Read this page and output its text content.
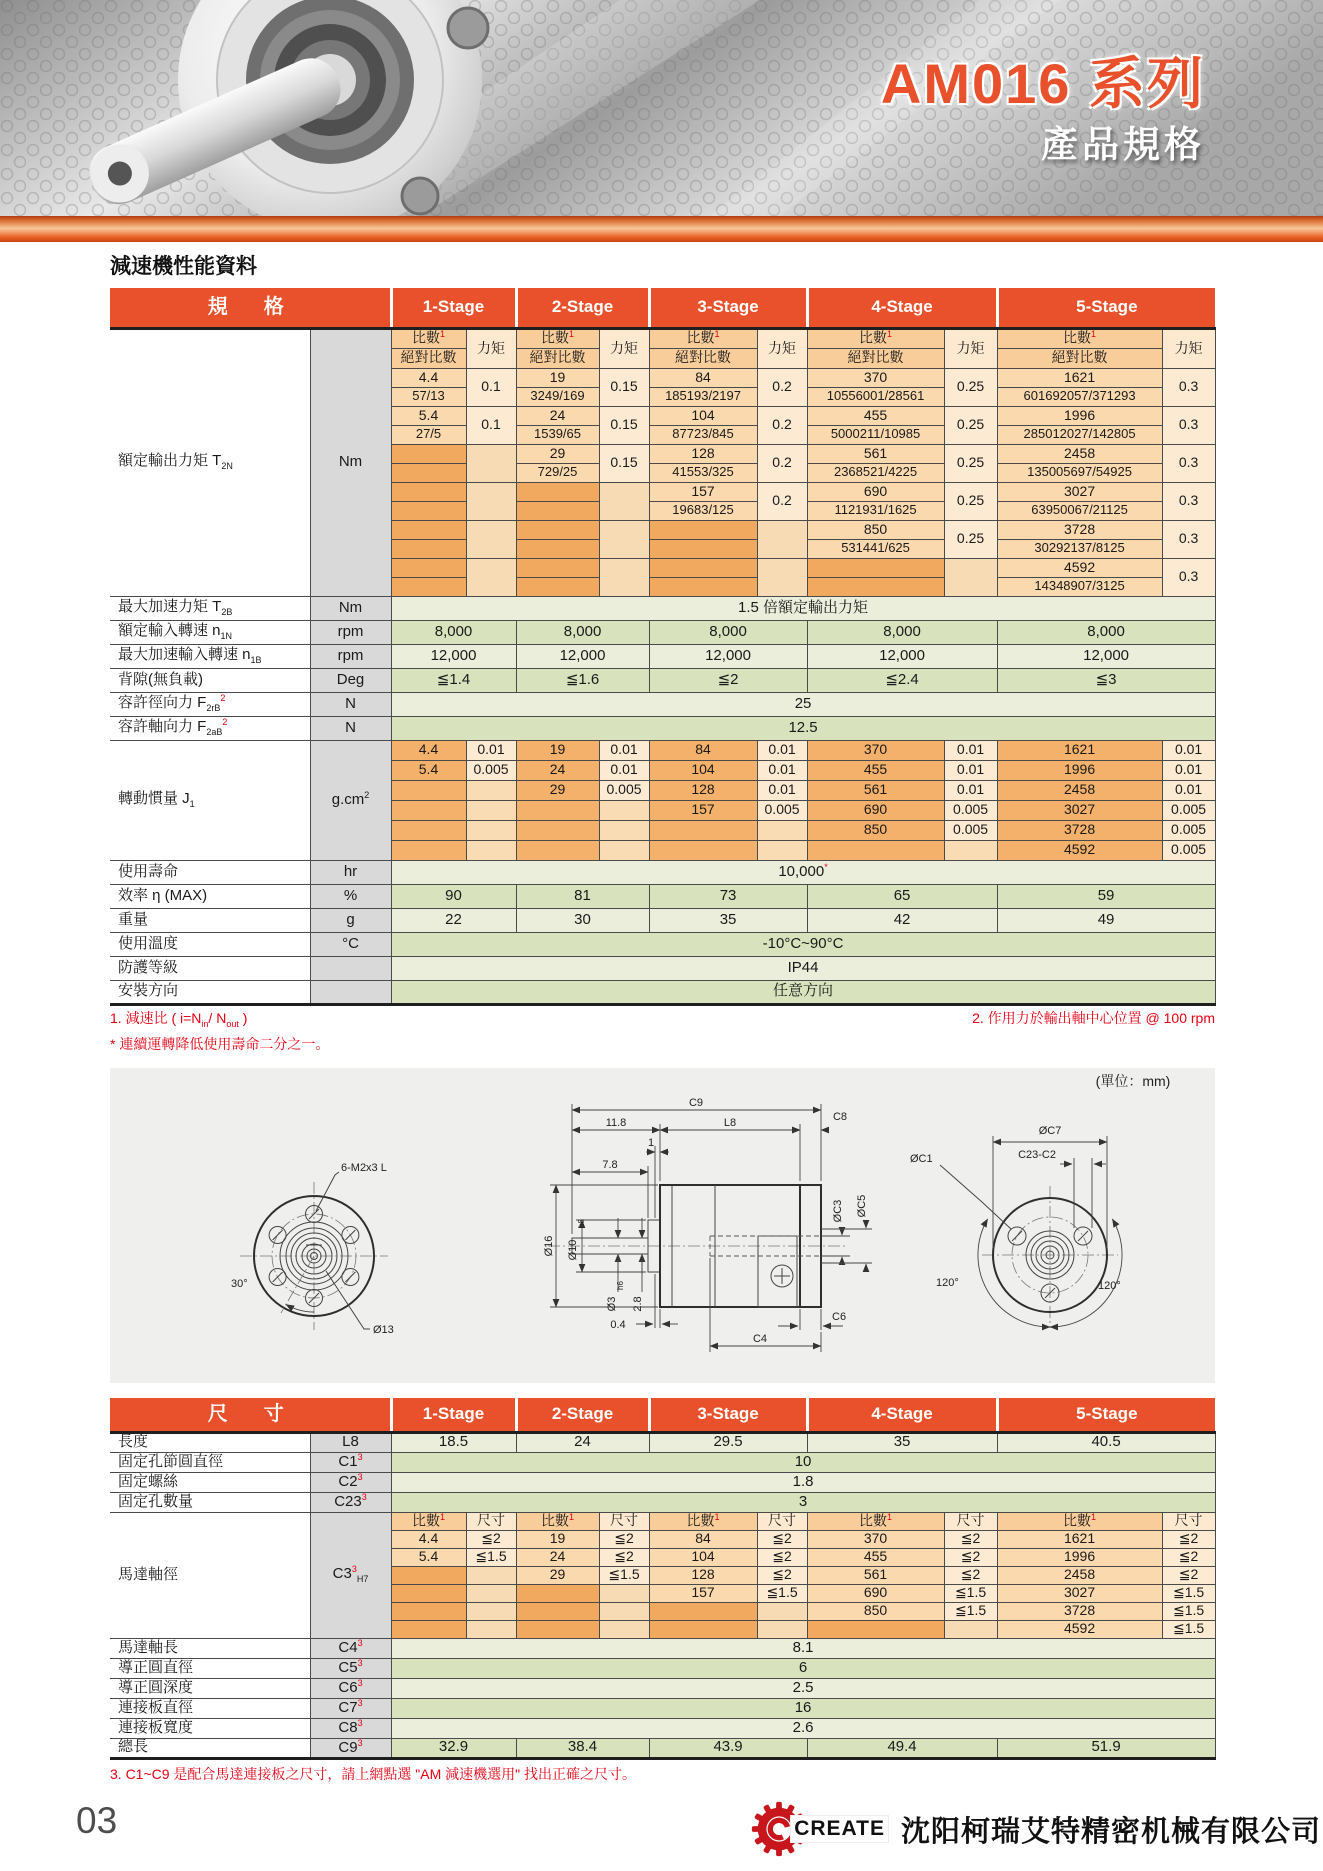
AM016 系列
產品規格
減速機性能資料
規　格		1-Stage		2-Stage		3-Stage		4-Stage		5-Stage	
額定輸出力矩 $T_{2N}$	Nm	比數$^1$	力矩	比數$^1$	力矩	比數$^1$	力矩	比數$^1$	力矩	比數$^1$	力矩
		絕對比數		絕對比數		絕對比數		絕對比數		絕對比數	
		4.4	0.1	19	0.15	84	0.2	370	0.25	1621	0.3
		57/13		3249/169		185193/2197		10556001/28561		601692057/371293	
		5.4	0.1	24	0.15	104	0.2	455	0.25	1996	0.3
		27/5		1539/65		87723/845		5000211/10985		285012027/142805	
				29	0.15	128	0.2	561	0.25	2458	0.3
				729/25		41553/325		2368521/4225		135005697/54925	
						157	0.2	690	0.25	3027	0.3
						19683/125		1121931/1625		63950067/21125	
								850	0.25	3728	0.3
								531441/625		30292137/8125	
										4592	0.3
										14348907/3125	
最大加速力矩 $T_{2B}$	Nm	1.5 倍額定輸出力矩									
額定輸入轉速 $n_{1N}$	rpm	8,000		8,000		8,000		8,000		8,000	
最大加速輸入轉速 $n_{1B}$	rpm	12,000		12,000		12,000		12,000		12,000	
背隙(無負載)	Deg	≦1.4		≦1.6		≦2		≦2.4		≦3	
容許徑向力 $F_{2rB}^2$	N	25									
容許軸向力 $F_{2aB}^2$	N	12.5									
轉動慣量 $J_1$	$g.cm^2$	4.4	0.01	19	0.01	84	0.01	370	0.01	1621	0.01
		5.4	0.005	24	0.01	104	0.01	455	0.01	1996	0.01
				29	0.005	128	0.01	561	0.01	2458	0.01
						157	0.005	690	0.005	3027	0.005
								850	0.005	3728	0.005
										4592	0.005
使用壽命	hr	10,000*
效率 η (MAX)	%	90		81		73		65		59	
重量	g	22		30		35		42		49	
使用溫度	°C	-10°C~90°C									
防護等級		IP44									
安裝方向		任意方向									
1. 減速比 ( $i=N_{in}/$ $N_{out}$ )	2. 作用力於輸出軸中心位置 @ 100 rpm
* 連續運轉降低使用壽命二分之一。
(單位：mm)
6-M2x3 L
30°
Ø13
C9
11.8	L8	C8
1
7.8
Ø16 Ø10
h8
Ø3
h6
2.8
0.4
C6
C4
ØC3 ØC5
ØC7
C23-C2
ØC1
120°	120°
尺　寸		1-Stage		2-Stage		3-Stage		4-Stage		5-Stage	
長度	L8	18.5		24		29.5		35		40.5	
固定孔節圓直徑	$C1^3$	10									
固定螺絲	$C2^3$	1.8									
固定孔數量	$C23^3$	3									
馬達軸徑	$C3^3_{H7}$	比數$^1$	尺寸	比數$^1$	尺寸	比數$^1$	尺寸	比數$^1$	尺寸	比數$^1$	尺寸
		4.4	≦2	19	≦2	84	≦2	370	≦2	1621	≦2
		5.4	≦1.5	24	≦2	104	≦2	455	≦2	1996	≦2
				29	≦1.5	128	≦2	561	≦2	2458	≦2
						157	≦1.5	690	≦1.5	3027	≦1.5
								850	≦1.5	3728	≦1.5
										4592	≦1.5
馬達軸長	$C4^3$	8.1									
導正圓直徑	$C5^3$	6									
導正圓深度	$C6^3$	2.5									
連接板直徑	$C7^3$	16									
連接板寬度	$C8^3$	2.6									
總長	$C9^3$	32.9		38.4		43.9		49.4		51.9	
3. C1~C9 是配合馬達連接板之尺寸，請上網點選 "AM 減速機選用" 找出正確之尺寸。
03	CREATE 沈阳柯瑞艾特精密机械有限公司
